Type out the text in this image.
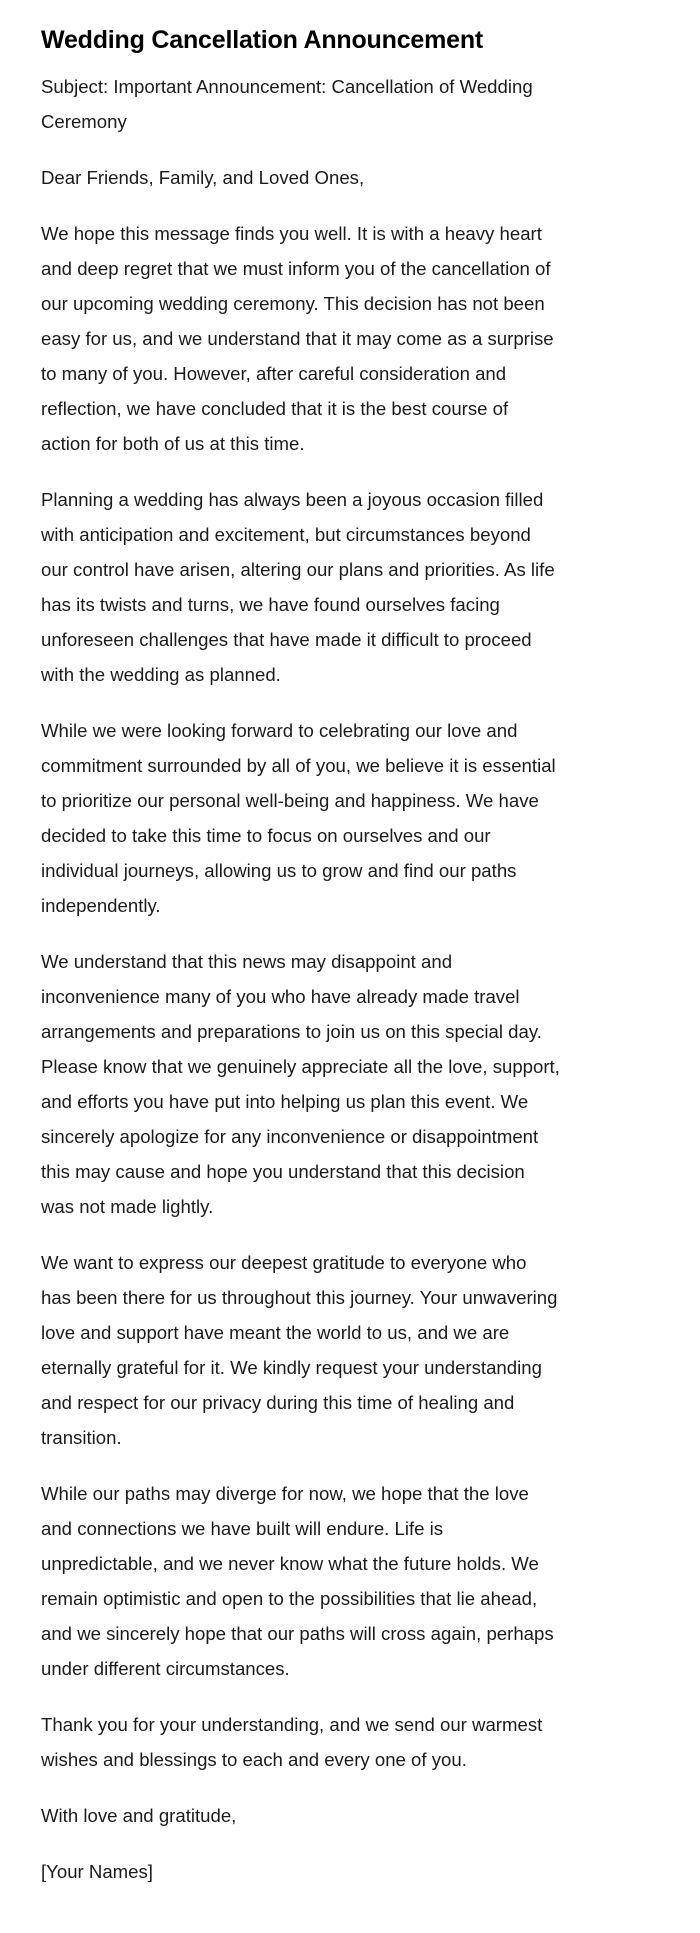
Wedding Cancellation Announcement

Subject: Important Announcement: Cancellation of Wedding
Ceremony

Dear Friends, Family, and Loved Ones,

We hope this message finds you well. It is with a heavy heart
and deep regret that we must inform you of the cancellation of
our upcoming wedding ceremony. This decision has not been
easy for us, and we understand that it may come as a surprise
to many of you. However, after careful consideration and
reflection, we have concluded that it is the best course of
action for both of us at this time.

Planning a wedding has always been a joyous occasion filled
with anticipation and excitement, but circumstances beyond
our control have arisen, altering our plans and priorities. As life
has its twists and turns, we have found ourselves facing
unforeseen challenges that have made it difficult to proceed
with the wedding as planned.

While we were looking forward to celebrating our love and
commitment surrounded by all of you, we believe it is essential
to prioritize our personal well-being and happiness. We have
decided to take this time to focus on ourselves and our
individual journeys, allowing us to grow and find our paths
independently.

We understand that this news may disappoint and
inconvenience many of you who have already made travel
arrangements and preparations to join us on this special day.
Please know that we genuinely appreciate all the love, support,
and efforts you have put into helping us plan this event. We
sincerely apologize for any inconvenience or disappointment
this may cause and hope you understand that this decision
was not made lightly.

We want to express our deepest gratitude to everyone who
has been there for us throughout this journey. Your unwavering
love and support have meant the world to us, and we are
eternally grateful for it. We kindly request your understanding
and respect for our privacy during this time of healing and
transition.

While our paths may diverge for now, we hope that the love
and connections we have built will endure. Life is
unpredictable, and we never know what the future holds. We
remain optimistic and open to the possibilities that lie ahead,
and we sincerely hope that our paths will cross again, perhaps
under different circumstances.

Thank you for your understanding, and we send our warmest
wishes and blessings to each and every one of you.

With love and gratitude,

[Your Names]
